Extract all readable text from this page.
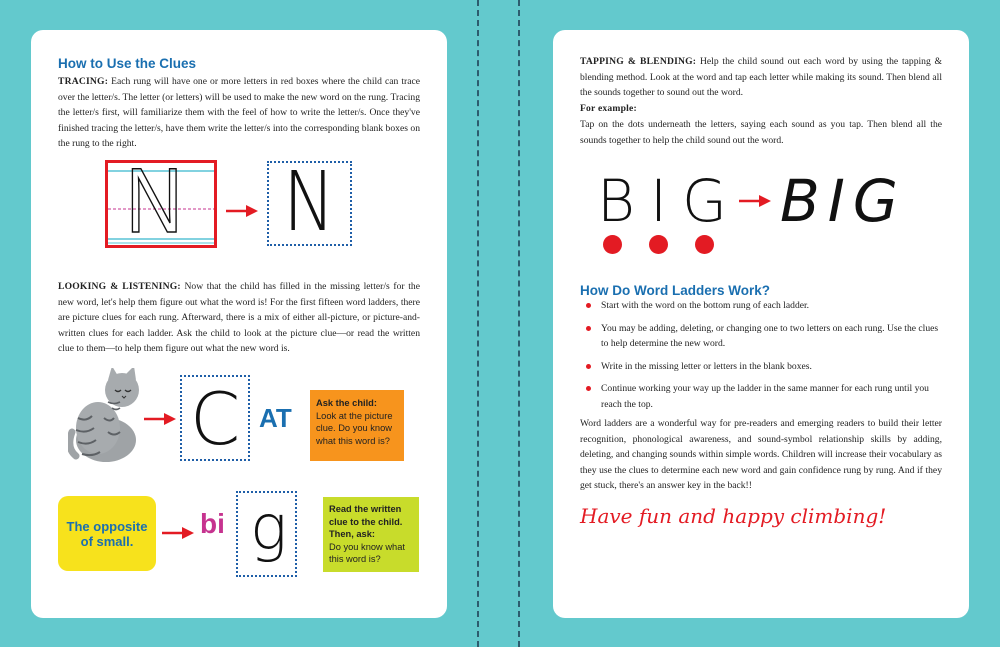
How to Use the Clues

TRACING: Each rung will have one or more letters in red boxes where the child can trace over the letter/s. The letter (or letters) will be used to make the new word on the rung. Tracing the letter/s first, will familiarize them with the feel of how to write the letter/s. Once they've finished tracing the letter/s, have them write the letter/s into the corresponding blank boxes on the rung to the right.

N N

LOOKING & LISTENING: Now that the child has filled in the missing letter/s for the new word, let's help them figure out what the word is! For the first fifteen word ladders, there are picture clues for each rung. Afterward, there is a mix of either all-picture, or picture-and-written clues for each ladder. Ask the child to look at the picture clue—or read the written clue to them—to help them figure out what the new word is.

C AT	Ask the child:
Look at the picture clue. Do you know what this word is?
The opposite of small.
bi g	Read the written clue to the child. Then, ask:
Do you know what this word is?

TAPPING & BLENDING: Help the child sound out each word by using the tapping & blending method. Look at the word and tap each letter while making its sound. Then blend all the sounds together to sound out the word.

For example:

Tap on the dots underneath the letters, saying each sound as you tap. Then blend all the sounds together to help the child sound out the word.

B I G BIG
How Do Word Ladders Work?
Start with the word on the bottom rung of each ladder.
You may be adding, deleting, or changing one to two letters on each rung. Use the clues to help determine the new word.
Write in the missing letter or letters in the blank boxes.
Continue working your way up the ladder in the same manner for each rung until you reach the top.

Word ladders are a wonderful way for pre-readers and emerging readers to build their letter recognition, phonological awareness, and sound-symbol relationship skills by adding, deleting, and changing sounds within simple words. Children will increase their vocabulary as they use the clues to determine each new word and gain confidence rung by rung. And if they get stuck, there's an answer key in the back!!

Have fun and happy climbing!
